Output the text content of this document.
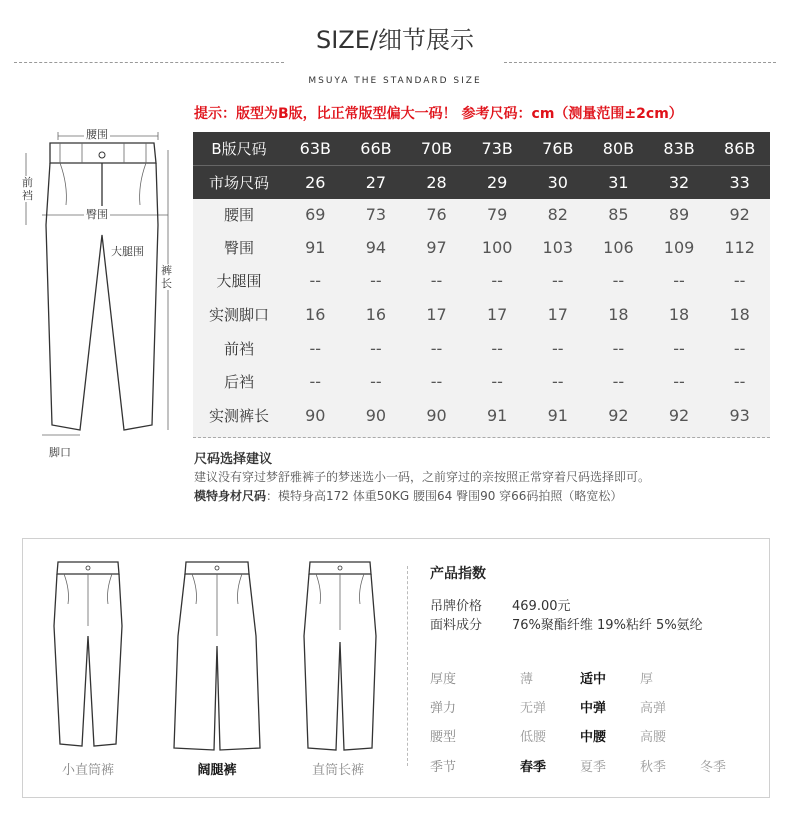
SIZE/细节展示
MSUYA THE STANDARD SIZE
提示：版型为B版，比正常版型偏大一码！ 参考尺码：cm（测量范围±2cm）
腰围
臀围
前裆
大腿围
裤长
脚口
B版尺码	63B	66B	70B	73B	76B	80B	83B	86B
市场尺码	26	27	28	29	30	31	32	33
腰围	69	73	76	79	82	85	89	92
臀围	91	94	97	100	103	106	109	112
大腿围	--	--	--	--	--	--	--	--
实测脚口	16	16	17	17	17	18	18	18
前裆	--	--	--	--	--	--	--	--
后裆	--	--	--	--	--	--	--	--
实测裤长	90	90	90	91	91	92	92	93
尺码选择建议
建议没有穿过梦舒雅裤子的梦迷选小一码，之前穿过的亲按照正常穿着尺码选择即可。
模特身材尺码：模特身高172 体重50KG 腰围64 臀围90 穿66码拍照（略宽松）
小直筒裤	阔腿裤	直筒长裤
产品指数
吊牌价格 469.00元
面料成分 76%聚酯纤维 19%粘纤 5%氨纶
厚度	薄	适中	厚
弹力	无弹	中弹	高弹
腰型	低腰	中腰	高腰
季节	春季	夏季	秋季	冬季
